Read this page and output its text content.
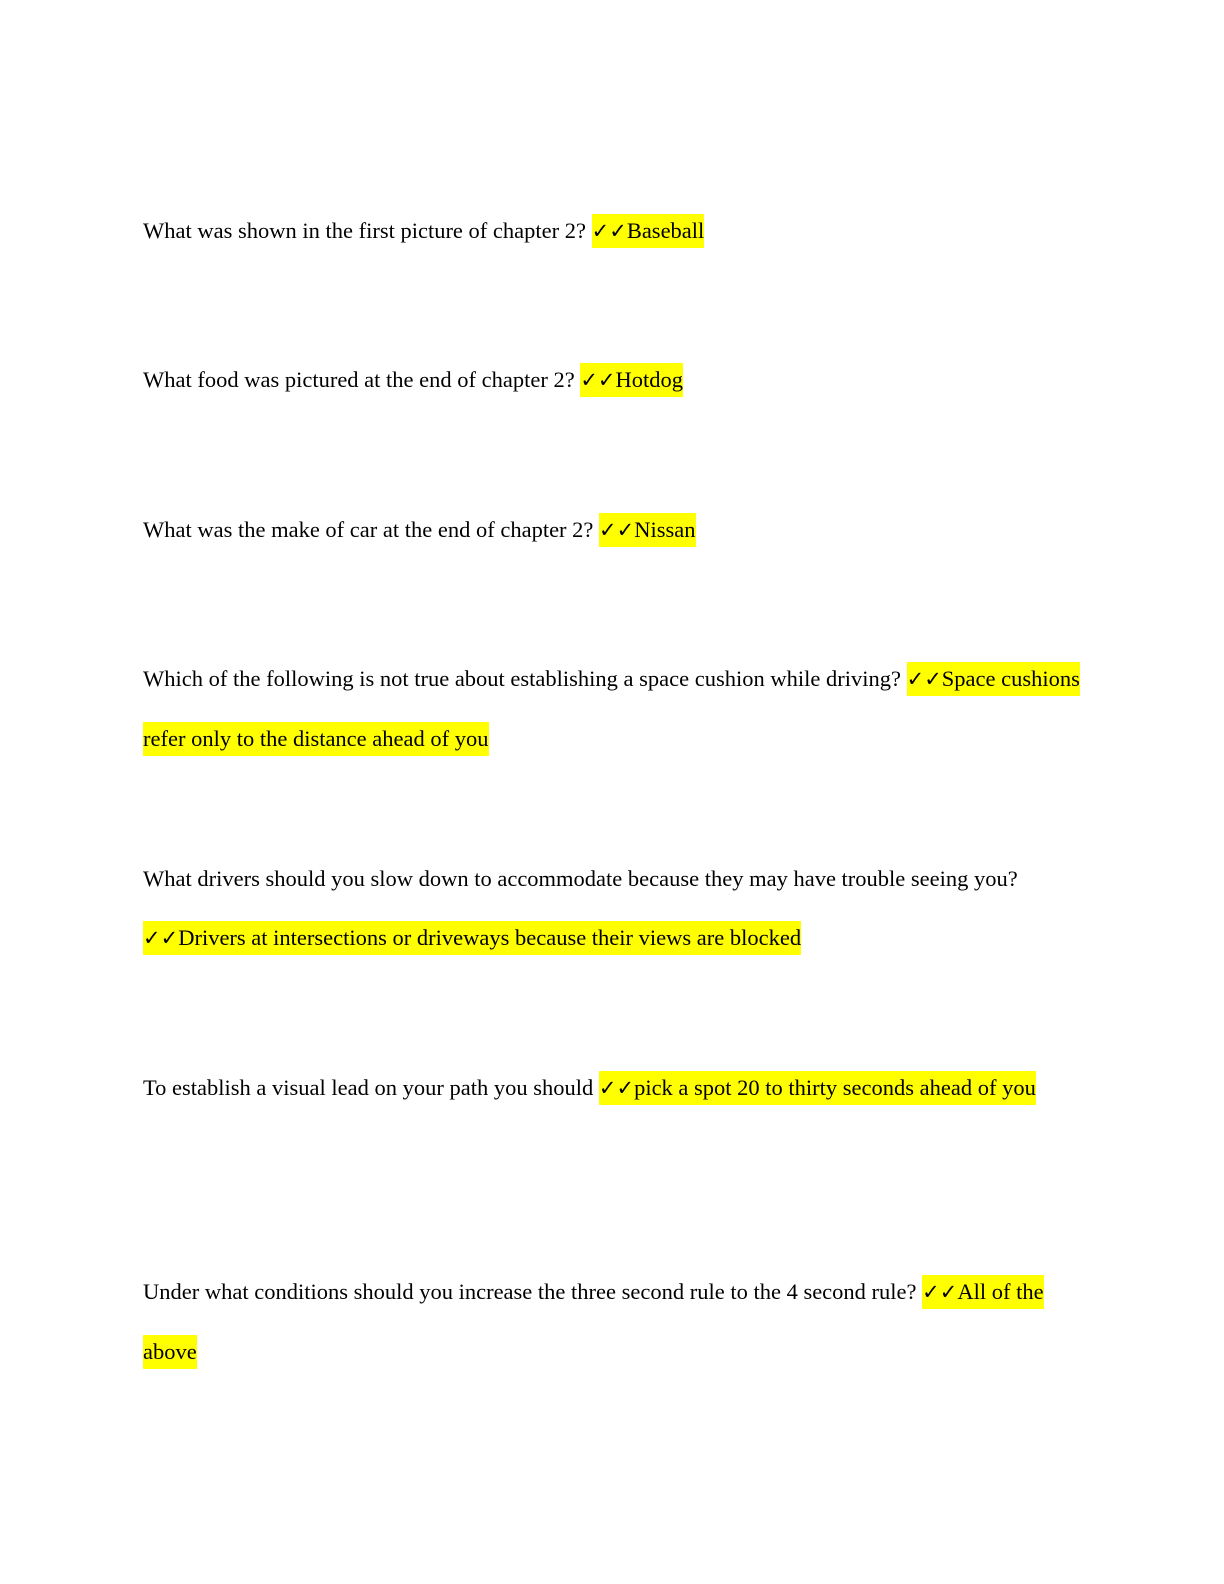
What was shown in the first picture of chapter 2? ✓✓Baseball

What food was pictured at the end of chapter 2? ✓✓Hotdog

What was the make of car at the end of chapter 2? ✓✓Nissan

Which of the following is not true about establishing a space cushion while driving? ✓✓Space cushions refer only to the distance ahead of you

What drivers should you slow down to accommodate because they may have trouble seeing you? ✓✓Drivers at intersections or driveways because their views are blocked

To establish a visual lead on your path you should ✓✓pick a spot 20 to thirty seconds ahead of you

Under what conditions should you increase the three second rule to the 4 second rule? ✓✓All of the above
